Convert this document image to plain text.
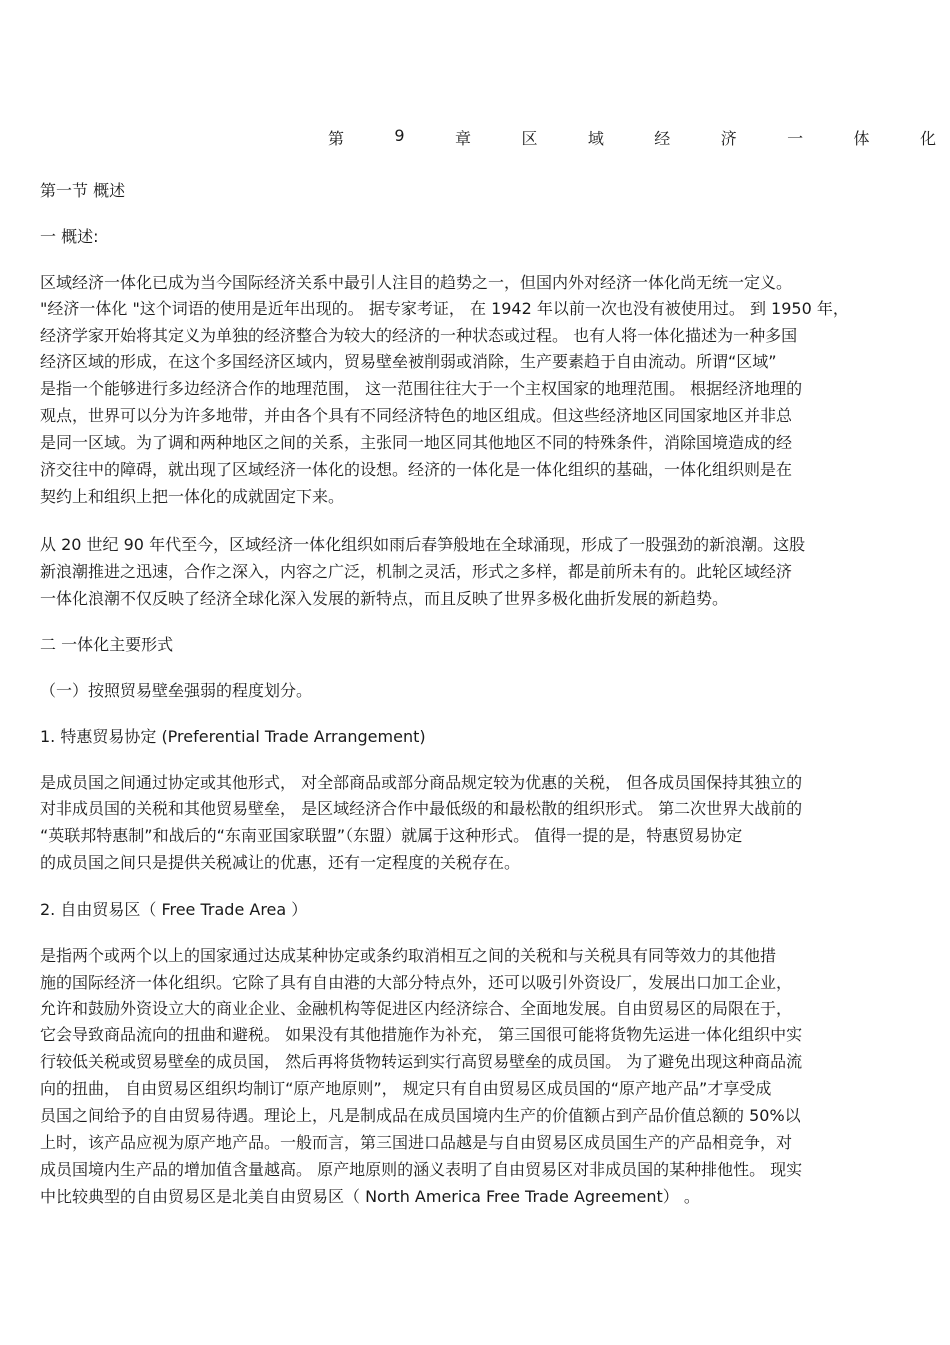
第	9	章	区	域	经	济	一	体	化
第一节 概述
一 概述:
区域经济一体化已成为当今国际经济关系中最引人注目的趋势之一，但国内外对经济一体化尚无统一定义。
"经济一体化 "这个词语的使用是近年出现的。 据专家考证， 在 1942 年以前一次也没有被使用过。 到 1950 年，
经济学家开始将其定义为单独的经济整合为较大的经济的一种状态或过程。 也有人将一体化描述为一种多国
经济区域的形成，在这个多国经济区域内，贸易壁垒被削弱或消除，生产要素趋于自由流动。所谓“区域”
是指一个能够进行多边经济合作的地理范围， 这一范围往往大于一个主权国家的地理范围。 根据经济地理的
观点，世界可以分为许多地带，并由各个具有不同经济特色的地区组成。但这些经济地区同国家地区并非总
是同一区域。为了调和两种地区之间的关系，主张同一地区同其他地区不同的特殊条件，消除国境造成的经
济交往中的障碍，就出现了区域经济一体化的设想。经济的一体化是一体化组织的基础，一体化组织则是在
契约上和组织上把一体化的成就固定下来。
从 20 世纪 90 年代至今，区域经济一体化组织如雨后春笋般地在全球涌现，形成了一股强劲的新浪潮。这股
新浪潮推进之迅速，合作之深入，内容之广泛，机制之灵活，形式之多样，都是前所未有的。此轮区域经济
一体化浪潮不仅反映了经济全球化深入发展的新特点，而且反映了世界多极化曲折发展的新趋势。
二 一体化主要形式
（一）按照贸易壁垒强弱的程度划分。
1. 特惠贸易协定 (Preferential Trade Arrangement)
是成员国之间通过协定或其他形式， 对全部商品或部分商品规定较为优惠的关税， 但各成员国保持其独立的
对非成员国的关税和其他贸易壁垒， 是区域经济合作中最低级的和最松散的组织形式。 第二次世界大战前的
“英联邦特惠制”和战后的“东南亚国家联盟”（东盟）就属于这种形式。 值得一提的是，特惠贸易协定
的成员国之间只是提供关税减让的优惠，还有一定程度的关税存在。
2. 自由贸易区（ Free Trade Area ）
是指两个或两个以上的国家通过达成某种协定或条约取消相互之间的关税和与关税具有同等效力的其他措
施的国际经济一体化组织。它除了具有自由港的大部分特点外，还可以吸引外资设厂，发展出口加工企业，
允许和鼓励外资设立大的商业企业、金融机构等促进区内经济综合、全面地发展。自由贸易区的局限在于，
它会导致商品流向的扭曲和避税。 如果没有其他措施作为补充， 第三国很可能将货物先运进一体化组织中实
行较低关税或贸易壁垒的成员国， 然后再将货物转运到实行高贸易壁垒的成员国。 为了避免出现这种商品流
向的扭曲， 自由贸易区组织均制订“原产地原则”， 规定只有自由贸易区成员国的“原产地产品”才享受成
员国之间给予的自由贸易待遇。理论上，凡是制成品在成员国境内生产的价值额占到产品价值总额的 50%以
上时，该产品应视为原产地产品。一般而言，第三国进口品越是与自由贸易区成员国生产的产品相竞争，对
成员国境内生产品的增加值含量越高。 原产地原则的涵义表明了自由贸易区对非成员国的某种排他性。 现实
中比较典型的自由贸易区是北美自由贸易区（ North America Free Trade Agreement） 。
